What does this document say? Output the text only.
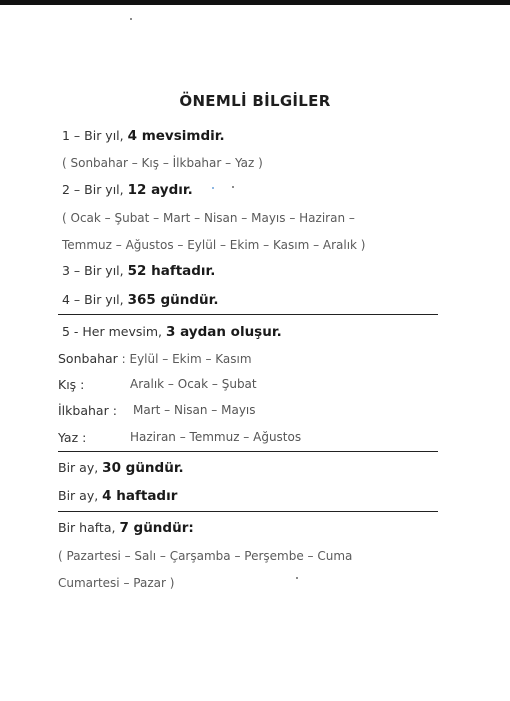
ÖNEMLİ BİLGİLER
1 – Bir yıl, 4 mevsimdir.
( Sonbahar – Kış – İlkbahar – Yaz )
2 – Bir yıl, 12 aydır.
( Ocak – Şubat – Mart – Nisan – Mayıs – Haziran –
Temmuz – Ağustos – Eylül – Ekim – Kasım – Aralık )
3 – Bir yıl, 52 haftadır.
4 – Bir yıl, 365 gündür.
5 - Her mevsim, 3 aydan oluşur.
Sonbahar : Eylül – Ekim – Kasım
Kış :	Aralık – Ocak – Şubat
İlkbahar : Mart – Nisan – Mayıs
Yaz :	Haziran – Temmuz – Ağustos
Bir ay, 30 gündür.
Bir ay, 4 haftadır
Bir hafta, 7 gündür:
( Pazartesi – Salı – Çarşamba – Perşembe – Cuma
Cumartesi – Pazar )
